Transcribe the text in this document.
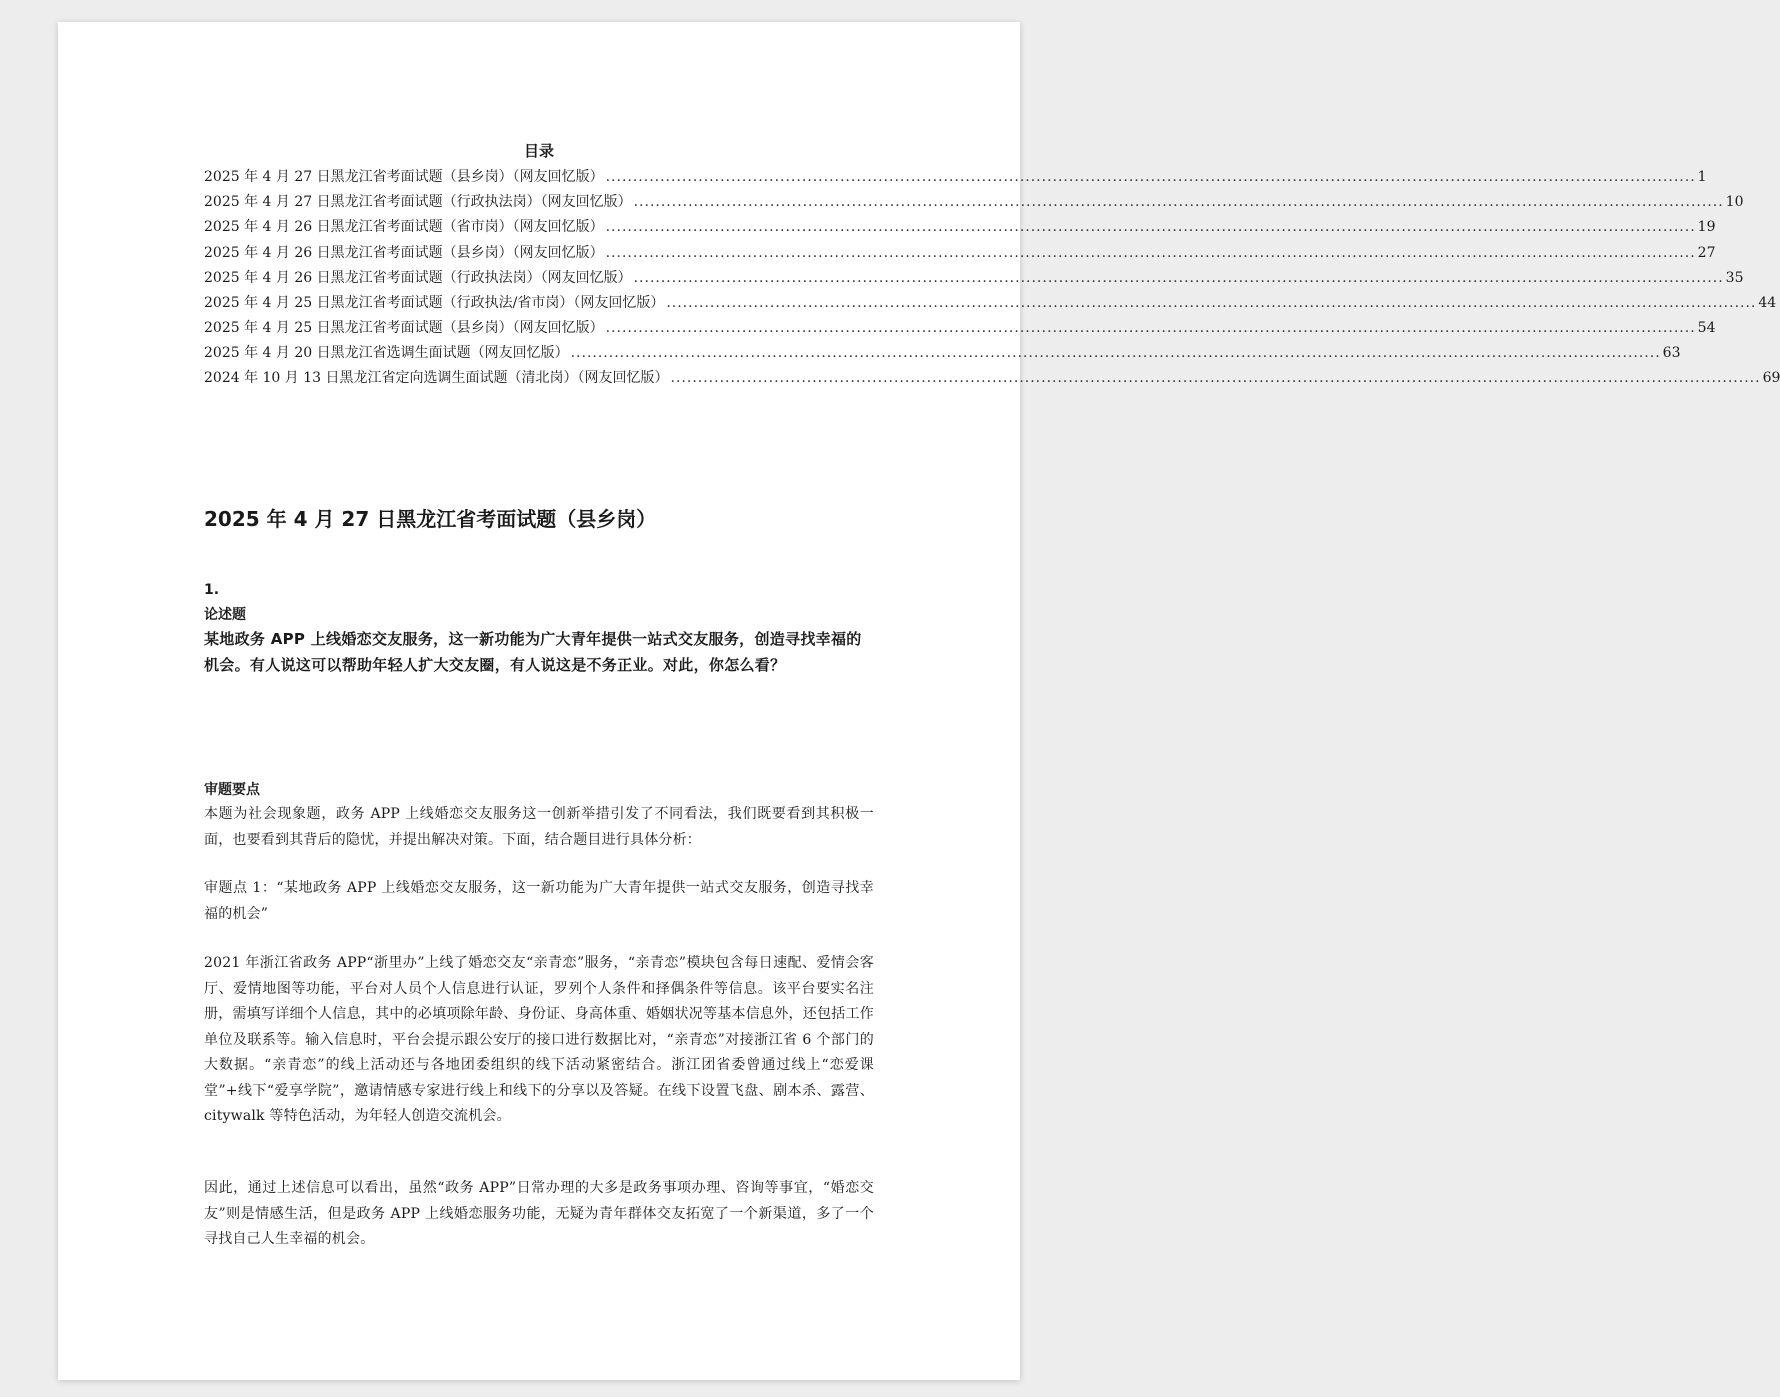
目录
2025 年 4 月 27 日黑龙江省考面试题（县乡岗）（网友回忆版） ........................................................................................................................................................................................................ 1
2025 年 4 月 27 日黑龙江省考面试题（行政执法岗）（网友回忆版） ........................................................................................................................................................................................................ 10
2025 年 4 月 26 日黑龙江省考面试题（省市岗）（网友回忆版） ........................................................................................................................................................................................................ 19
2025 年 4 月 26 日黑龙江省考面试题（县乡岗）（网友回忆版） ........................................................................................................................................................................................................ 27
2025 年 4 月 26 日黑龙江省考面试题（行政执法岗）（网友回忆版） ........................................................................................................................................................................................................ 35
2025 年 4 月 25 日黑龙江省考面试题（行政执法/省市岗）（网友回忆版） ........................................................................................................................................................................................................ 44
2025 年 4 月 25 日黑龙江省考面试题（县乡岗）（网友回忆版） ........................................................................................................................................................................................................ 54
2025 年 4 月 20 日黑龙江省选调生面试题（网友回忆版） ........................................................................................................................................................................................................ 63
2024 年 10 月 13 日黑龙江省定向选调生面试题（清北岗）（网友回忆版） ........................................................................................................................................................................................................ 69
2025 年 4 月 27 日黑龙江省考面试题（县乡岗）
1.
论述题
某地政务 APP 上线婚恋交友服务，这一新功能为广大青年提供一站式交友服务，创造寻找幸福的机会。有人说这可以帮助年轻人扩大交友圈，有人说这是不务正业。对此，你怎么看？
审题要点
本题为社会现象题，政务 APP 上线婚恋交友服务这一创新举措引发了不同看法，我们既要看到其积极一面，也要看到其背后的隐忧，并提出解决对策。下面，结合题目进行具体分析：
审题点 1：“某地政务 APP 上线婚恋交友服务，这一新功能为广大青年提供一站式交友服务，创造寻找幸福的机会”
2021 年浙江省政务 APP“浙里办”上线了婚恋交友“亲青恋”服务，“亲青恋”模块包含每日速配、爱情会客厅、爱情地图等功能，平台对人员个人信息进行认证，罗列个人条件和择偶条件等信息。该平台要实名注册，需填写详细个人信息，其中的必填项除年龄、身份证、身高体重、婚姻状况等基本信息外，还包括工作单位及联系等。输入信息时，平台会提示跟公安厅的接口进行数据比对，“亲青恋”对接浙江省 6 个部门的大数据。“亲青恋”的线上活动还与各地团委组织的线下活动紧密结合。浙江团省委曾通过线上“恋爱课堂”+线下“爱享学院”，邀请情感专家进行线上和线下的分享以及答疑。在线下设置飞盘、剧本杀、露营、citywalk 等特色活动，为年轻人创造交流机会。
因此，通过上述信息可以看出，虽然“政务 APP”日常办理的大多是政务事项办理、咨询等事宜，“婚恋交友”则是情感生活，但是政务 APP 上线婚恋服务功能，无疑为青年群体交友拓宽了一个新渠道，多了一个寻找自己人生幸福的机会。
